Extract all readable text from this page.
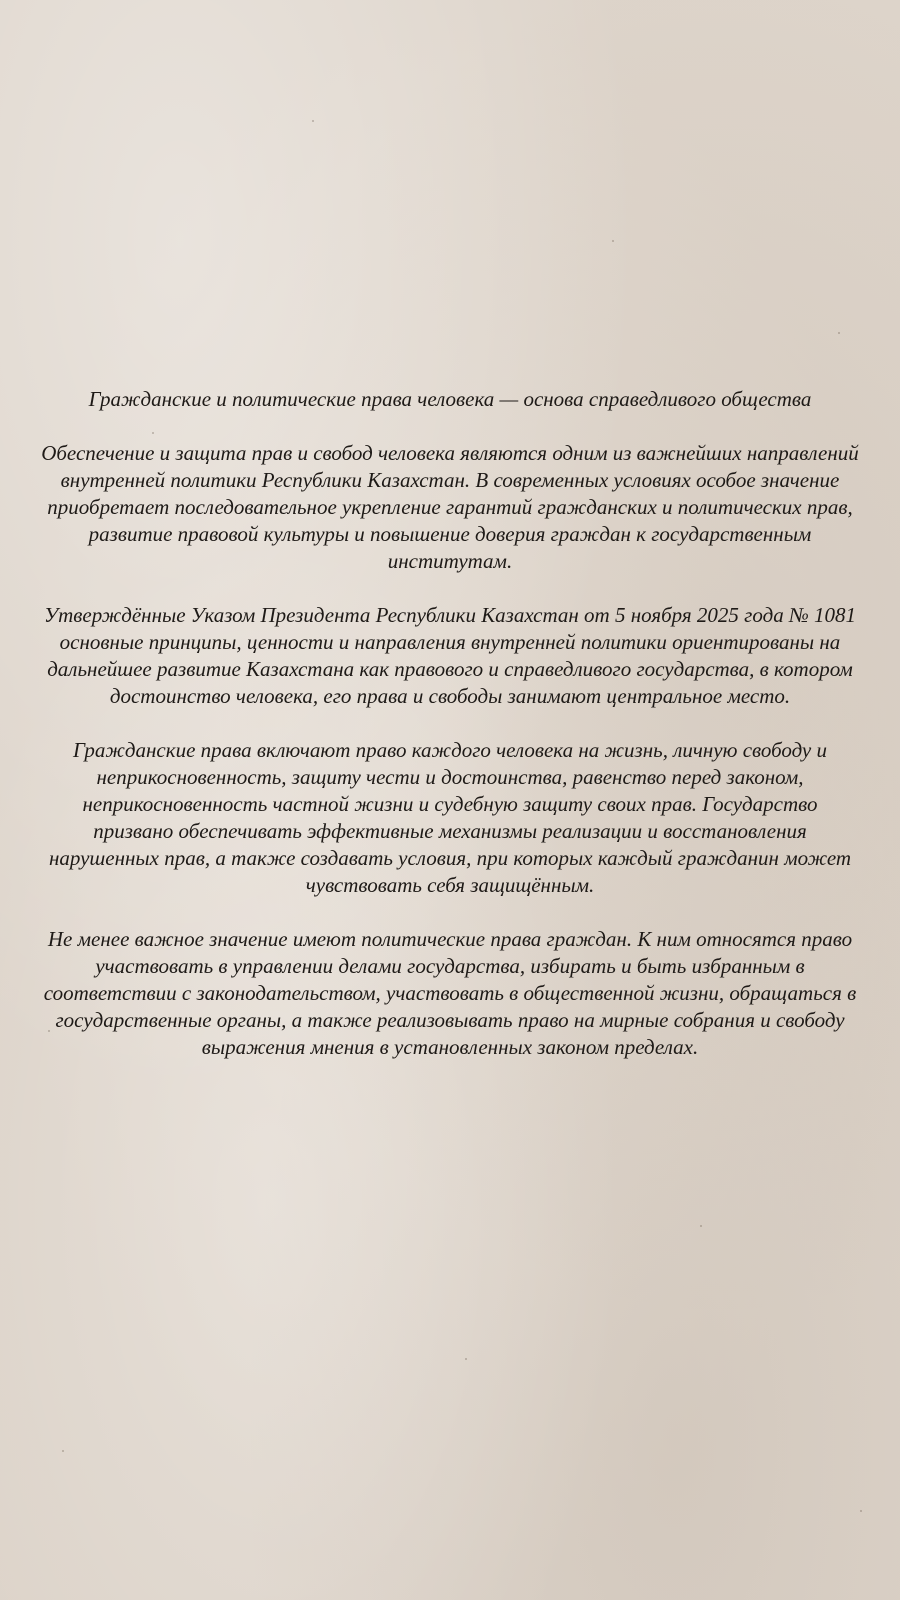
Гражданские и политические права человека — основа справедливого общества

Обеспечение и защита прав и свобод человека являются одним из важнейших направлений внутренней политики Республики Казахстан. В современных условиях особое значение приобретает последовательное укрепление гарантий гражданских и политических прав, развитие правовой культуры и повышение доверия граждан к государственным институтам.

Утверждённые Указом Президента Республики Казахстан от 5 ноября 2025 года № 1081 основные принципы, ценности и направления внутренней политики ориентированы на дальнейшее развитие Казахстана как правового и справедливого государства, в котором достоинство человека, его права и свободы занимают центральное место.

Гражданские права включают право каждого человека на жизнь, личную свободу и неприкосновенность, защиту чести и достоинства, равенство перед законом, неприкосновенность частной жизни и судебную защиту своих прав. Государство призвано обеспечивать эффективные механизмы реализации и восстановления нарушенных прав, а также создавать условия, при которых каждый гражданин может чувствовать себя защищённым.

Не менее важное значение имеют политические права граждан. К ним относятся право участвовать в управлении делами государства, избирать и быть избранным в соответствии с законодательством, участвовать в общественной жизни, обращаться в государственные органы, а также реализовывать право на мирные собрания и свободу выражения мнения в установленных законом пределах.
